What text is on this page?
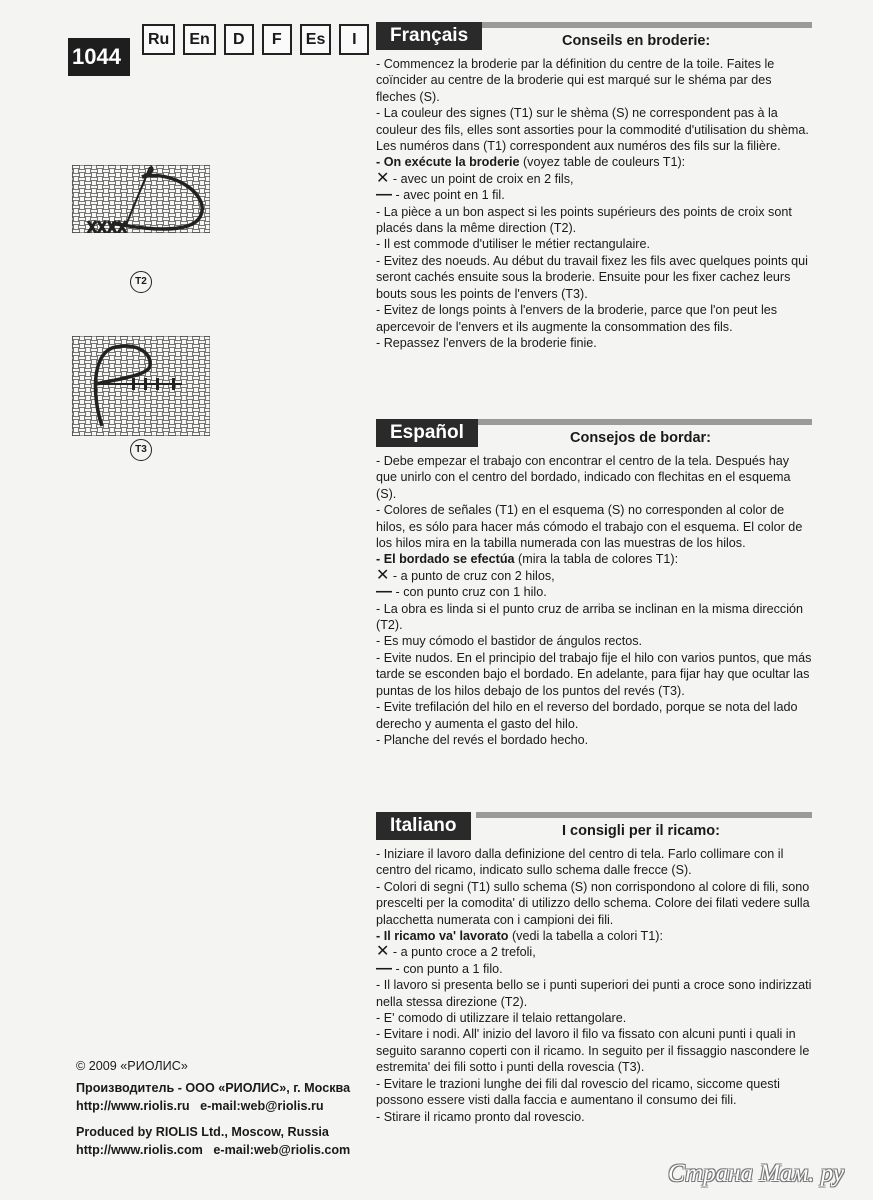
1044
Ru	En	D	F	Es	I
T2
T3
Français	Conseils en broderie:

- Commencez la broderie par la définition du centre de la toile. Faites le coïncider au centre de la broderie qui est marqué sur le shéma par des fleches (S).

- La couleur des signes (T1) sur le shèma (S) ne correspondent pas à la couleur des fils, elles sont assorties pour la commodité d'utilisation du shèma. Les numéros dans (T1) correspondent aux numéros des fils sur la filière.

- On exécute la broderie (voyez table de couleurs T1):

✕ - avec un point de croix en 2 fils,

— - avec point en 1 fil.

- La pièce a un bon aspect si les points supérieurs des points de croix sont placés dans la même direction (T2).

- Il est commode d'utiliser le métier rectangulaire.

- Evitez des noeuds. Au début du travail fixez les fils avec quelques points qui seront cachés ensuite sous la broderie. Ensuite pour les fixer cachez leurs bouts sous les points de l'envers (T3).

- Evitez de longs points à l'envers de la broderie, parce que l'on peut les apercevoir de l'envers et ils augmente la consommation des fils.

- Repassez l'envers de la broderie finie.

Español	Consejos de bordar:

- Debe empezar el trabajo con encontrar el centro de la tela. Después hay que unirlo con el centro del bordado, indicado con flechitas en el esquema (S).

- Colores de señales (T1) en el esquema (S) no corresponden al color de hilos, es sólo para hacer más cómodo el trabajo con el esquema. El color de los hilos mira en la tabilla numerada con las muestras de los hilos.

- El bordado se efectúa (mira la tabla de colores T1):

✕ - a punto de cruz con 2 hilos,

— - con punto cruz con 1 hilo.

- La obra es linda si el punto cruz de arriba se inclinan en la misma dirección (T2).

- Es muy cómodo el bastidor de ángulos rectos.

- Evite nudos. En el principio del trabajo fije el hilo con varios puntos, que más tarde se esconden bajo el bordado. En adelante, para fijar hay que ocultar las puntas de los hilos debajo de los puntos del revés (T3).

- Evite trefilación del hilo en el reverso del bordado, porque se nota del lado derecho y aumenta el gasto del hilo.

- Planche del revés el bordado hecho.

Italiano	I consigli per il ricamo:

- Iniziare il lavoro dalla definizione del centro di tela. Farlo collimare con il centro del ricamo, indicato sullo schema dalle frecce (S).

- Colori di segni (T1) sullo schema (S) non corrispondono al colore di fili, sono prescelti per la comodita' di utilizzo dello schema. Colore dei filati vedere sulla placchetta numerata con i campioni dei fili.

- Il ricamo va' lavorato (vedi la tabella a colori T1):

✕ - a punto croce a 2 trefoli,

— - con punto a 1 filo.

- Il lavoro si presenta bello se i punti superiori dei punti a croce sono indirizzati nella stessa direzione (T2).

- E' comodo di utilizzare il telaio rettangolare.

- Evitare i nodi. All' inizio del lavoro il filo va fissato con alcuni punti i quali in seguito saranno coperti con il ricamo. In seguito per il fissaggio nascondere le estremita' dei fili sotto i punti della rovescia (T3).

- Evitare le trazioni lunghe dei fili dal rovescio del ricamo, siccome questi possono essere visti dalla faccia e aumentano il consumo dei fili.

- Stirare il ricamo pronto dal rovescio.

© 2009 «РИОЛИС»
Производитель - ООО «РИОЛИС», г. Москва
http://www.riolis.ru   e-mail:web@riolis.ru
Produced by RIOLIS Ltd., Moscow, Russia
http://www.riolis.com   e-mail:web@riolis.com
Страна Мам. ру
